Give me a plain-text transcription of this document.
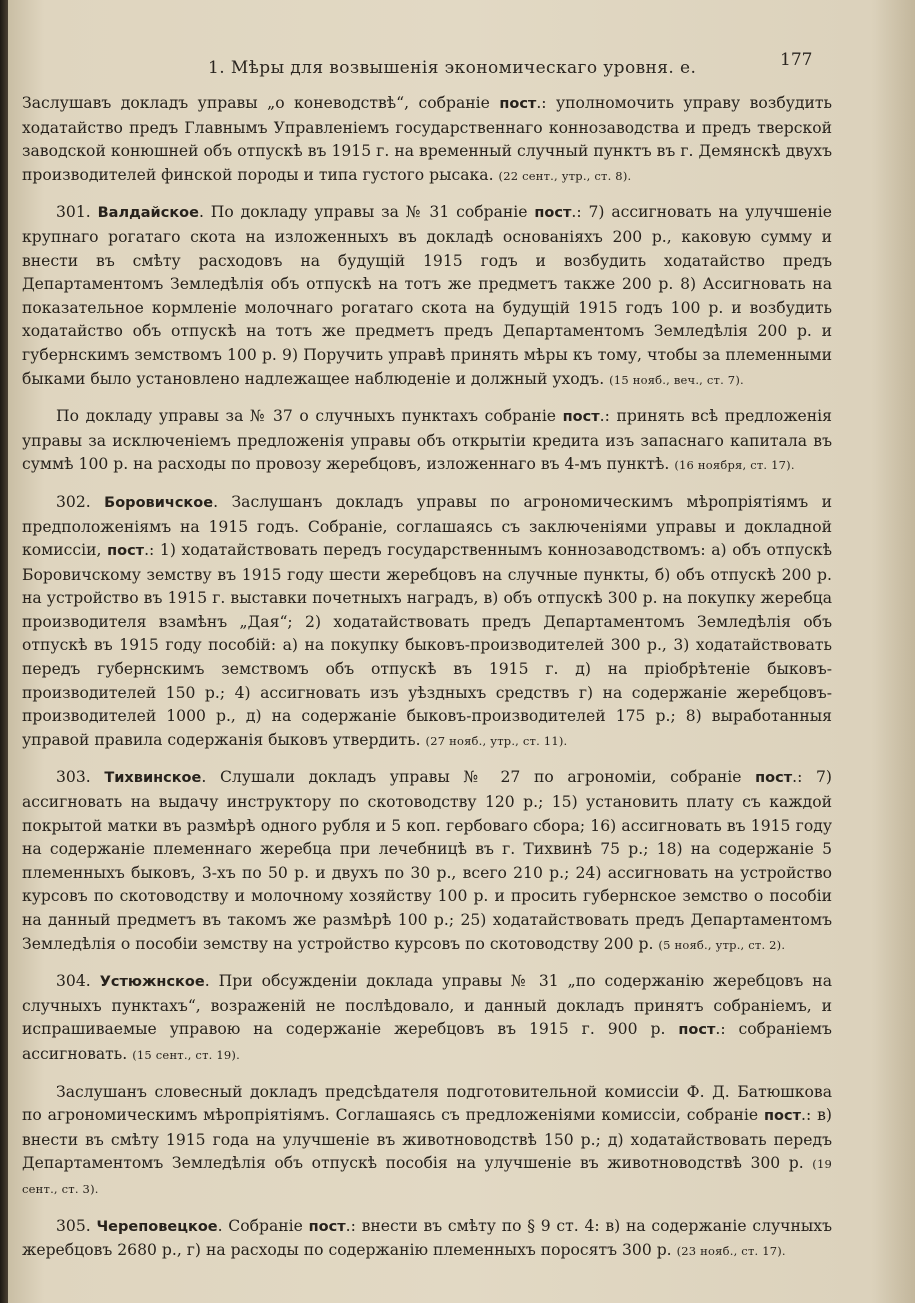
1. Мѣры для возвышенія экономическаго уровня. е.	177

Заслушавъ докладъ управы „о коневодствѣ“, собраніе пост.: уполномочить управу возбудить ходатайство предъ Главнымъ Управленіемъ государственнаго коннозаводства и предъ тверской заводской конюшней объ отпускѣ въ 1915 г. на временный случный пунктъ въ г. Демянскѣ двухъ производителей финской породы и типа густого рысака. (22 сент., утр., ст. 8).

301. Валдайское. По докладу управы за № 31 собраніе пост.: 7) ассигновать на улучшеніе крупнаго рогатаго скота на изложенныхъ въ докладѣ основаніяхъ 200 р., каковую сумму и внести въ смѣту расходовъ на будущій 1915 годъ и возбудить ходатайство предъ Департаментомъ Земледѣлія объ отпускѣ на тотъ же предметъ также 200 р. 8) Ассигновать на показательное кормленіе молочнаго рогатаго скота на будущій 1915 годъ 100 р. и возбудить ходатайство объ отпускѣ на тотъ же предметъ предъ Департаментомъ Земледѣлія 200 р. и губернскимъ земствомъ 100 р. 9) Поручить управѣ принять мѣры къ тому, чтобы за племенными быками было установлено надлежащее наблюденіе и должный уходъ. (15 нояб., веч., ст. 7).

По докладу управы за № 37 о случныхъ пунктахъ собраніе пост.: принять всѣ предложенія управы за исключеніемъ предложенія управы объ открытіи кредита изъ запаснаго капитала въ суммѣ 100 р. на расходы по провозу жеребцовъ, изложеннаго въ 4-мъ пунктѣ. (16 ноября, ст. 17).

302. Боровичское. Заслушанъ докладъ управы по агрономическимъ мѣропріятіямъ и предположеніямъ на 1915 годъ. Собраніе, соглашаясь съ заключеніями управы и докладной комиссіи, пост.: 1) ходатайствовать передъ государственнымъ коннозаводствомъ: а) объ отпускѣ Боровичскому земству въ 1915 году шести жеребцовъ на случные пункты, б) объ отпускѣ 200 р. на устройство въ 1915 г. выставки почетныхъ наградъ, в) объ отпускѣ 300 р. на покупку жеребца производителя взамѣнъ „Дая“; 2) ходатайствовать предъ Департаментомъ Земледѣлія объ отпускѣ въ 1915 году пособій: а) на покупку быковъ-производителей 300 р., 3) ходатайствовать передъ губернскимъ земствомъ объ отпускѣ въ 1915 г. д) на пріобрѣтеніе быковъ-производителей 150 р.; 4) ассигновать изъ уѣздныхъ средствъ г) на содержаніе жеребцовъ-производителей 1000 р., д) на содержаніе быковъ-производителей 175 р.; 8) выработанныя управой правила содержанія быковъ утвердить. (27 нояб., утр., ст. 11).

303. Тихвинское. Слушали докладъ управы № 27 по агрономіи, собраніе пост.: 7) ассигновать на выдачу инструктору по скотоводству 120 р.; 15) установить плату съ каждой покрытой матки въ размѣрѣ одного рубля и 5 коп. гербоваго сбора; 16) ассигновать въ 1915 году на содержаніе племеннаго жеребца при лечебницѣ въ г. Тихвинѣ 75 р.; 18) на содержаніе 5 племенныхъ быковъ, 3-хъ по 50 р. и двухъ по 30 р., всего 210 р.; 24) ассигновать на устройство курсовъ по скотоводству и молочному хозяйству 100 р. и просить губернское земство о пособіи на данный предметъ въ такомъ же размѣрѣ 100 р.; 25) ходатайствовать предъ Департаментомъ Земледѣлія о пособіи земству на устройство курсовъ по скотоводству 200 р. (5 нояб., утр., ст. 2).

304. Устюжнское. При обсужденіи доклада управы № 31 „по содержанію жеребцовъ на случныхъ пунктахъ“, возраженій не послѣдовало, и данный докладъ принятъ собраніемъ, и испрашиваемые управою на содержаніе жеребцовъ въ 1915 г. 900 р. пост.: собраніемъ ассигновать. (15 сент., ст. 19).

Заслушанъ словесный докладъ предсѣдателя подготовительной комиссіи Ф. Д. Батюшкова по агрономическимъ мѣропріятіямъ. Соглашаясь съ предложеніями комиссіи, собраніе пост.: в) внести въ смѣту 1915 года на улучшеніе въ животноводствѣ 150 р.; д) ходатайствовать передъ Департаментомъ Земледѣлія объ отпускѣ пособія на улучшеніе въ животноводствѣ 300 р. (19 сент., ст. 3).

305. Череповецкое. Собраніе пост.: внести въ смѣту по § 9 ст. 4: в) на содержаніе случныхъ жеребцовъ 2680 р., г) на расходы по содержанію племенныхъ поросятъ 300 р. (23 нояб., ст. 17).
